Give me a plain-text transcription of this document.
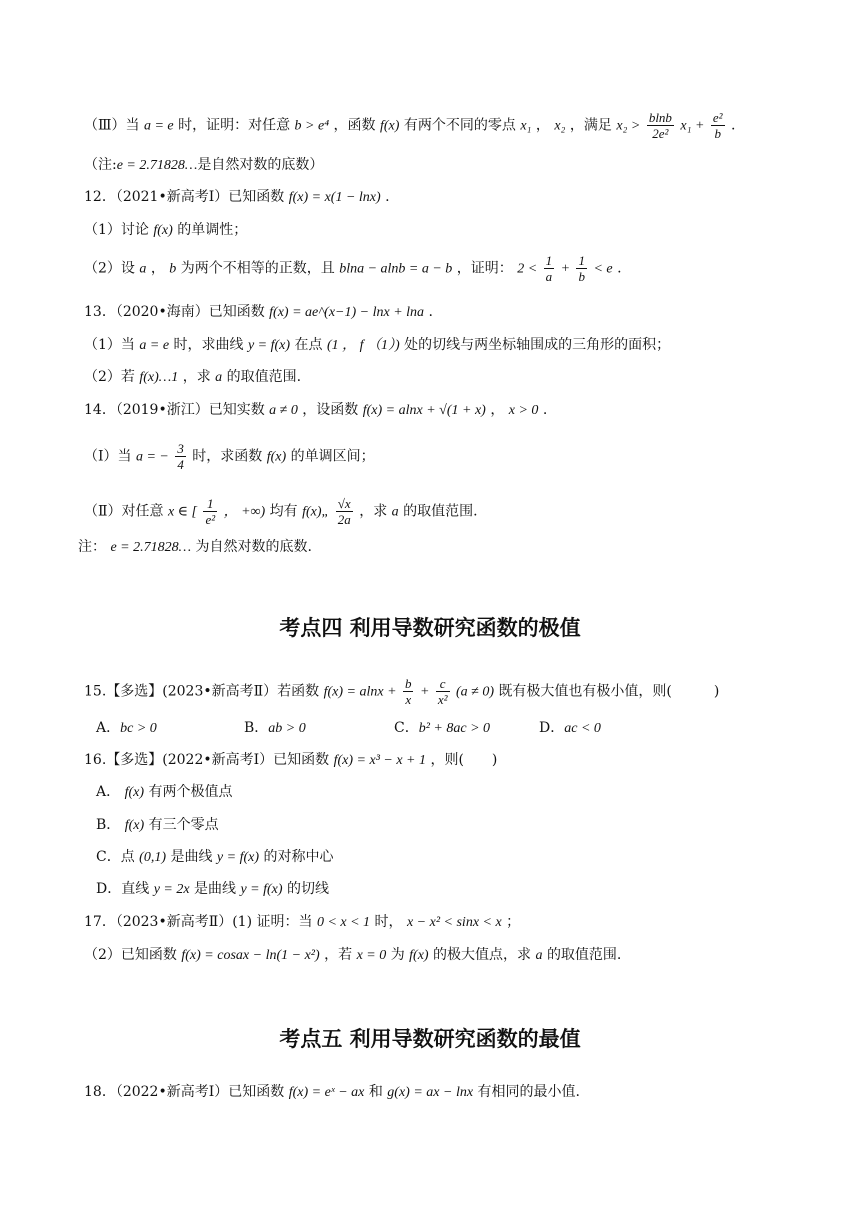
（Ⅲ）当 a = e 时，证明：对任意 b > e⁴ ，函数 f(x) 有两个不同的零点 x₁ ， x₂ ，满足 $x_2 > \frac{blnb}{\text{2e²}} x_1 + \frac{\text{e²}}{b}$ .
（注:e = 2.71828…是自然对数的底数）
12．（2021•新高考Ⅰ）已知函数 f(x) = x(1 − lnx) .
（1）讨论 f(x) 的单调性；
（2）设 a ， b 为两个不相等的正数，且 blna − alnb = a − b ，证明： $2 < \frac{1}{a} + \frac{1}{b} < e$ .
13．（2020•海南）已知函数 f(x) = ae^(x−1) − lnx + lna .
（1）当 a = e 时，求曲线 y = f(x) 在点 (1 ， f （1）) 处的切线与两坐标轴围成的三角形的面积；
（2）若 f(x)…1 ，求 a 的取值范围.
14．（2019•浙江）已知实数 a ≠ 0 ，设函数 f(x) = alnx + √(1 + x) ， x > 0 .
（Ⅰ）当 a = − $\frac{3}{4}$ 时，求函数 f(x) 的单调区间；
（Ⅱ）对任意 x ∈ [ $\frac{1}{\text{e²}}$ ， +∞) 均有 f(x)„ $\frac{√x}{2a}$ ，求 a 的取值范围.
注： e = 2.71828… 为自然对数的底数.
考点四 利用导数研究函数的极值
15.【多选】(2023•新高考Ⅱ）若函数 $f(x) = alnx + \frac{b}{x} + \frac{c}{\text{x²}} (a \ne 0)$ 既有极大值也有极小值，则(　　　)
A．bc > 0	B．ab > 0	C．b² + 8ac > 0	D．ac < 0
16.【多选】(2022•新高考Ⅰ）已知函数 f(x) = x³ − x + 1 ，则(　　)
A． f(x) 有两个极值点
B． f(x) 有三个零点
C．点 (0,1) 是曲线 y = f(x) 的对称中心
D．直线 y = 2x 是曲线 y = f(x) 的切线
17．（2023•新高考Ⅱ）(1) 证明：当 0 < x < 1 时， x − x² < sinx < x ；
（2）已知函数 f(x) = cosax − ln(1 − x²) ，若 x = 0 为 f(x) 的极大值点，求 a 的取值范围.
考点五 利用导数研究函数的最值
18．（2022•新高考Ⅰ）已知函数 f(x) = eˣ − ax 和 g(x) = ax − lnx 有相同的最小值.
